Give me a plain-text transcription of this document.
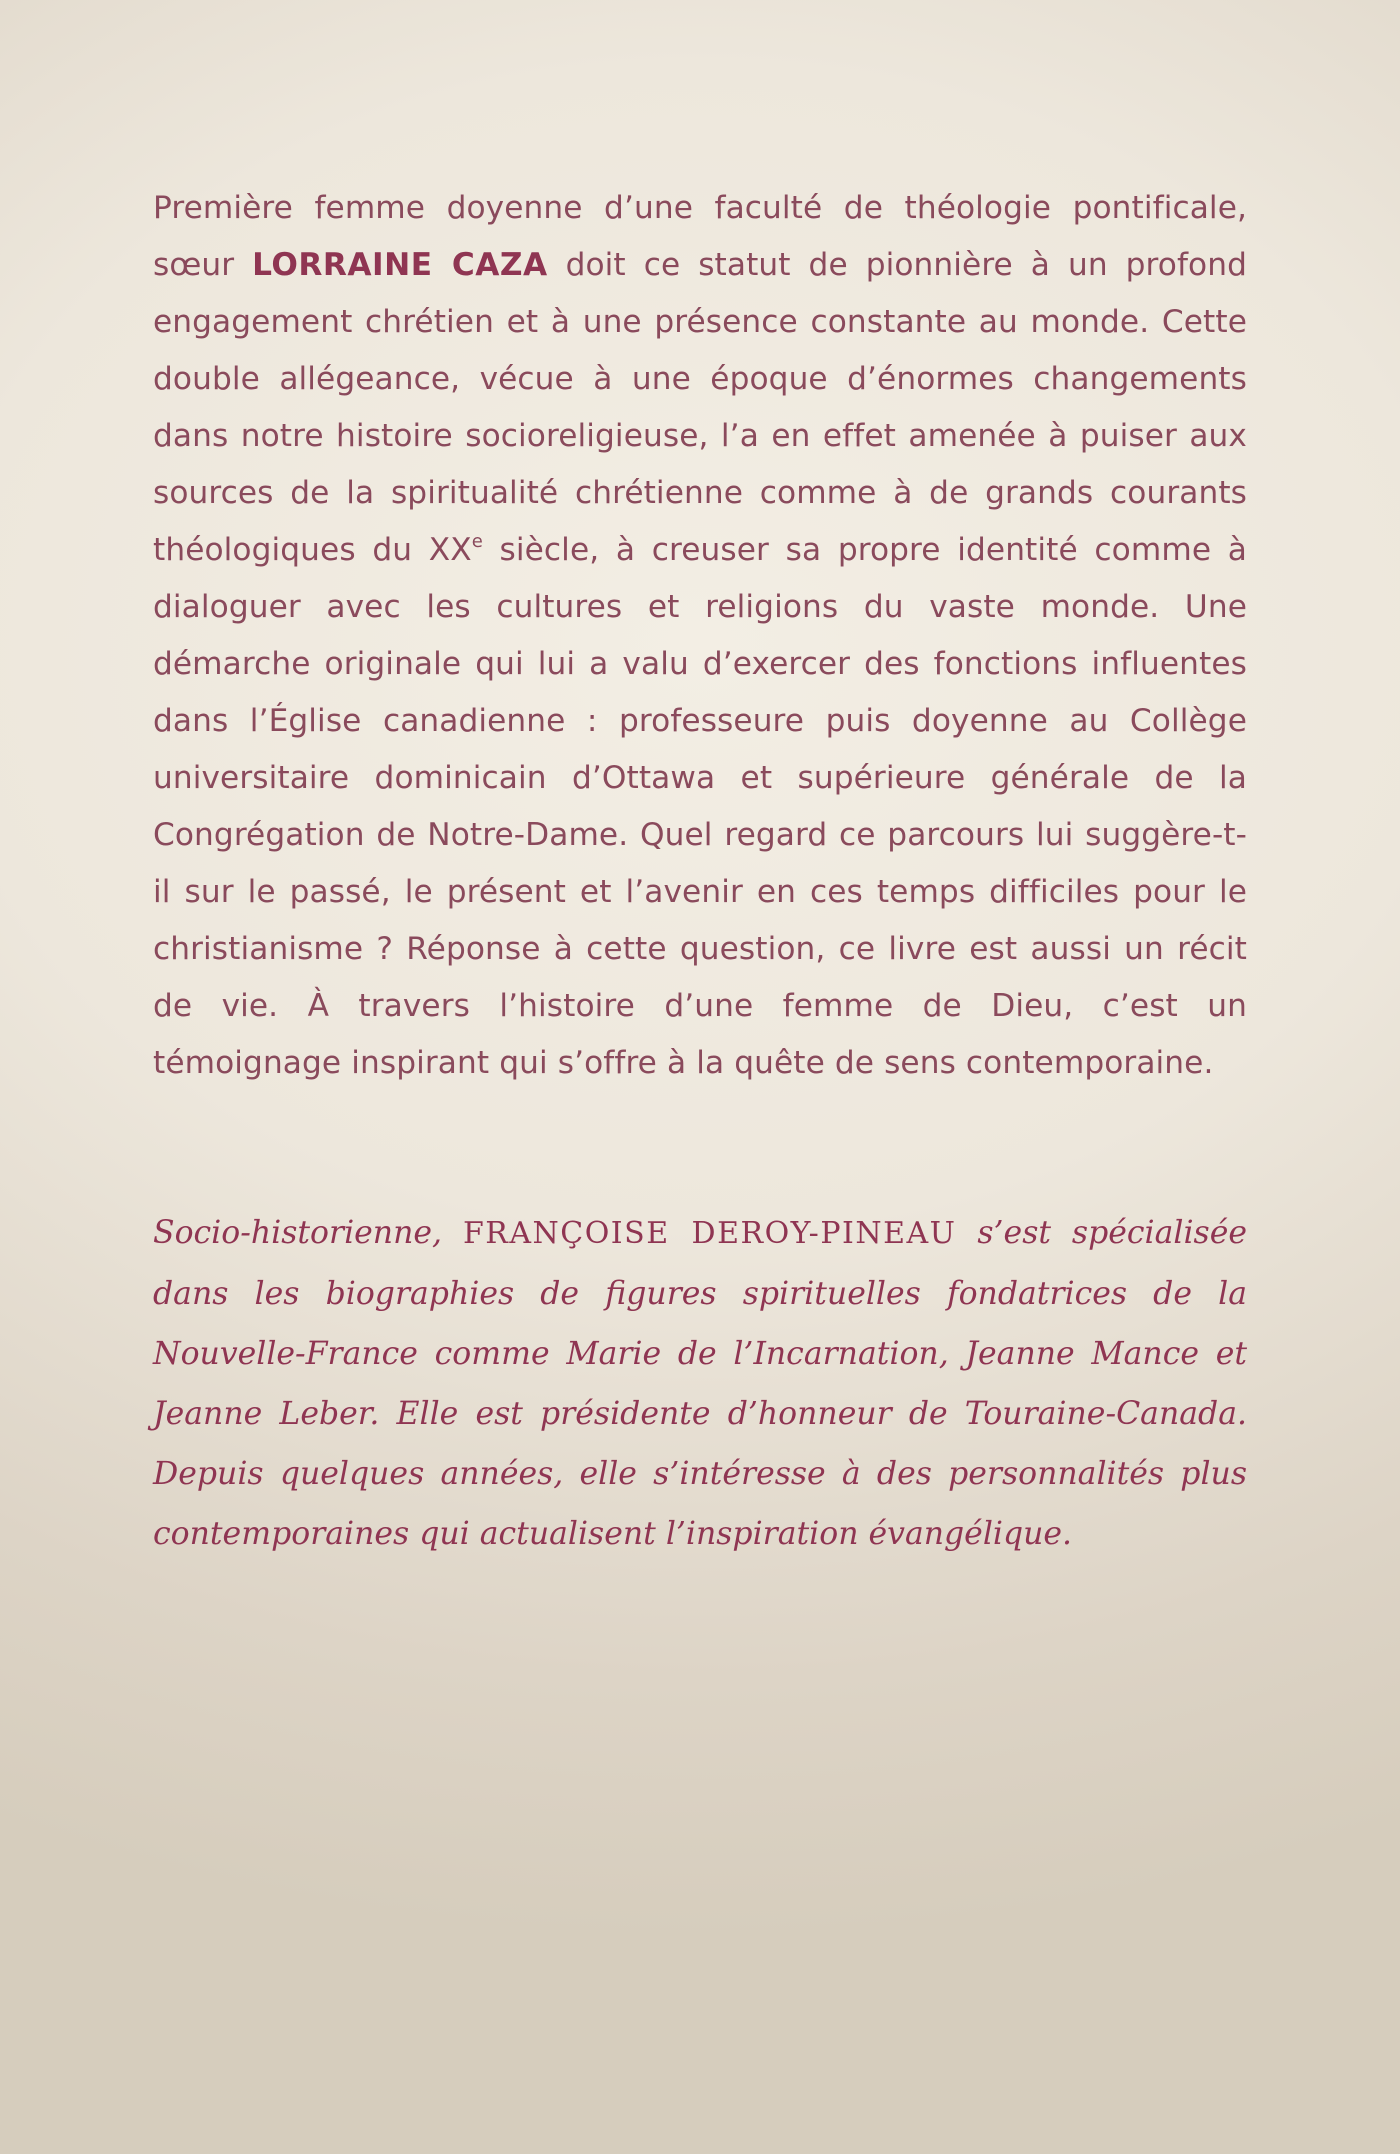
Première femme doyenne d’une faculté de théologie pontificale, sœur LORRAINE CAZA doit ce statut de pionnière à un profond engagement chrétien et à une présence constante au monde. Cette double allégeance, vécue à une époque d’énormes changements dans notre histoire socioreligieuse, l’a en effet amenée à puiser aux sources de la spiritualité chrétienne comme à de grands courants théologiques du XXe siècle, à creuser sa propre identité comme à dialoguer avec les cultures et religions du vaste monde. Une démarche originale qui lui a valu d’exercer des fonctions influentes dans l’Église canadienne : professeure puis doyenne au Collège universitaire dominicain d’Ottawa et supérieure générale de la Congrégation de Notre-Dame. Quel regard ce parcours lui suggère-t-il sur le passé, le présent et l’avenir en ces temps difficiles pour le christianisme ? Réponse à cette question, ce livre est aussi un récit de vie. À travers l’histoire d’une femme de Dieu, c’est un témoignage inspirant qui s’offre à la quête de sens contemporaine.

Socio-historienne, FRANÇOISE DEROY-PINEAU s’est spécialisée dans les biographies de figures spirituelles fondatrices de la Nouvelle-France comme Marie de l’Incarnation, Jeanne Mance et Jeanne Leber. Elle est présidente d’honneur de Touraine-Canada. Depuis quelques années, elle s’intéresse à des personnalités plus contemporaines qui actualisent l’inspiration évangélique.
